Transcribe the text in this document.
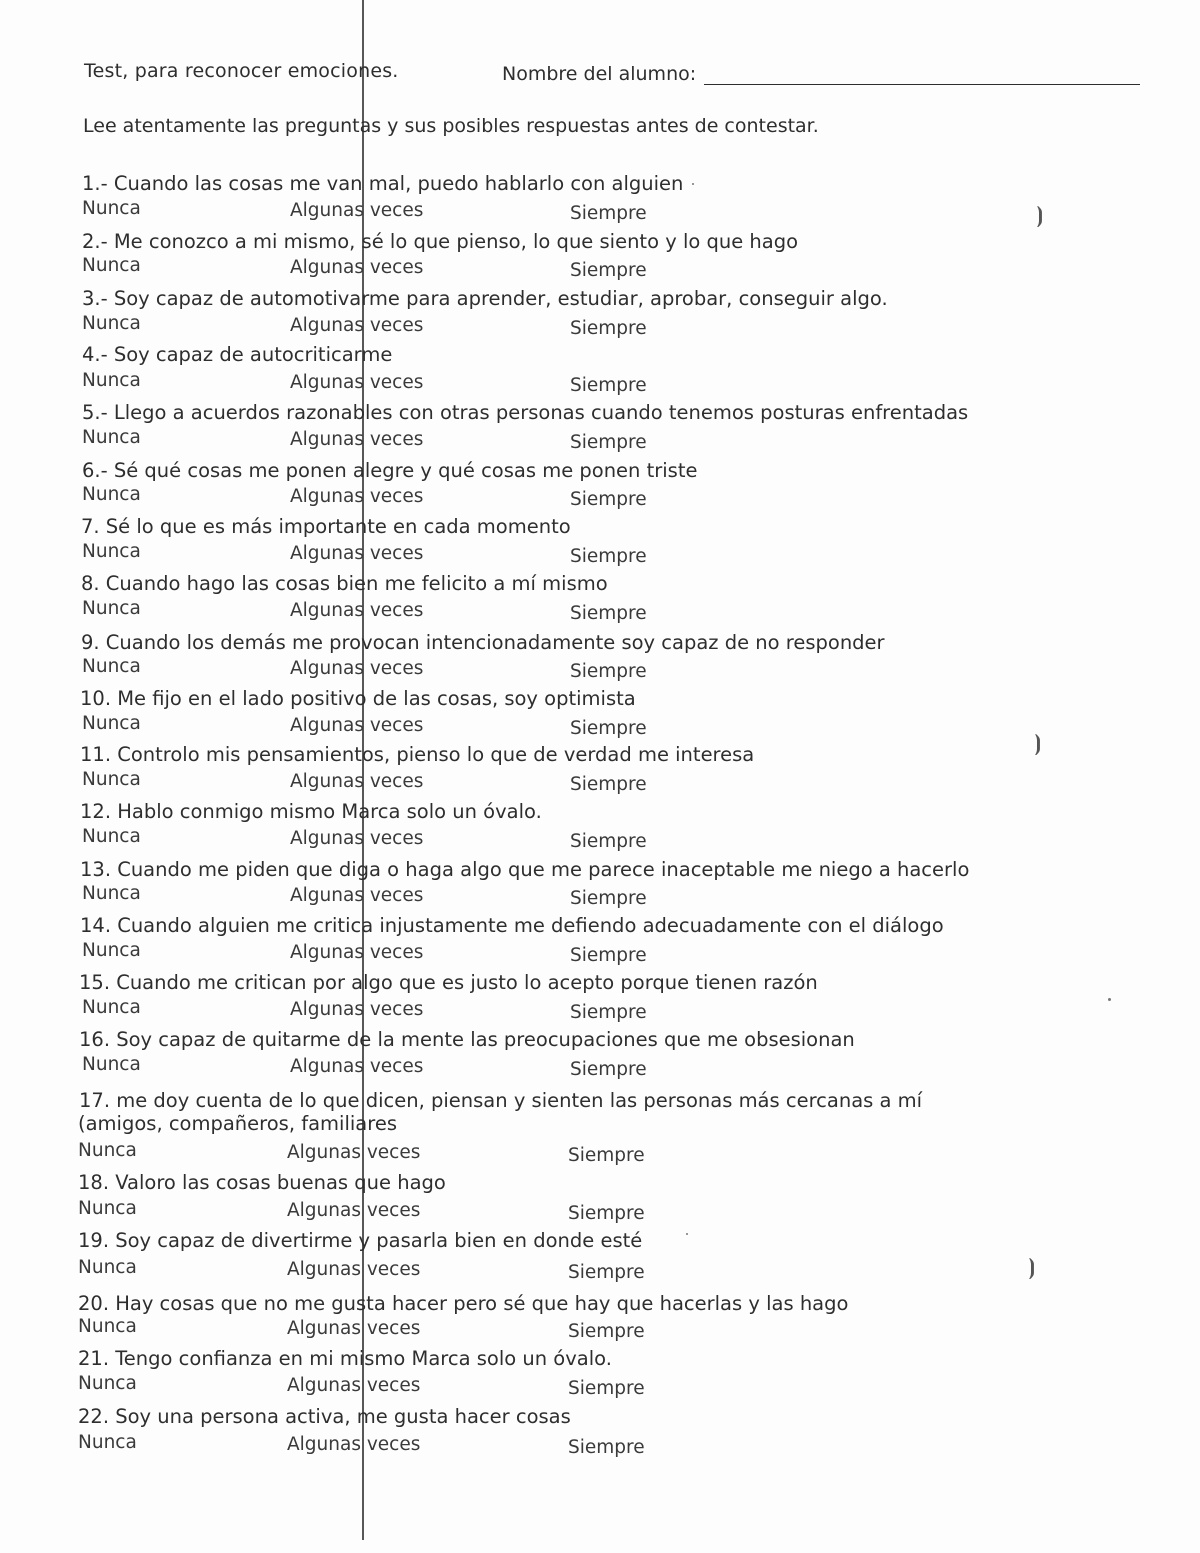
Test, para reconocer emociones.	Nombre del alumno:
Lee atentamente las preguntas y sus posibles respuestas antes de contestar.
1.- Cuando las cosas me van mal, puedo hablarlo con alguien
Nunca	Algunas veces	Siempre
2.- Me conozco a mi mismo, sé lo que pienso, lo que siento y lo que hago
Nunca	Algunas veces	Siempre
3.- Soy capaz de automotivarme para aprender, estudiar, aprobar, conseguir algo.
Nunca	Algunas veces	Siempre
4.- Soy capaz de autocriticarme
Nunca	Algunas veces	Siempre
5.- Llego a acuerdos razonables con otras personas cuando tenemos posturas enfrentadas
Nunca	Algunas veces	Siempre
6.- Sé qué cosas me ponen alegre y qué cosas me ponen triste
Nunca	Algunas veces	Siempre
7. Sé lo que es más importante en cada momento
Nunca	Algunas veces	Siempre
8. Cuando hago las cosas bien me felicito a mí mismo
Nunca	Algunas veces	Siempre
9. Cuando los demás me provocan intencionadamente soy capaz de no responder
Nunca	Algunas veces	Siempre
10. Me fijo en el lado positivo de las cosas, soy optimista
Nunca	Algunas veces	Siempre
11. Controlo mis pensamientos, pienso lo que de verdad me interesa
Nunca	Algunas veces	Siempre
12. Hablo conmigo mismo Marca solo un óvalo.
Nunca	Algunas veces	Siempre
13. Cuando me piden que diga o haga algo que me parece inaceptable me niego a hacerlo
Nunca	Algunas veces	Siempre
14. Cuando alguien me critica injustamente me defiendo adecuadamente con el diálogo
Nunca	Algunas veces	Siempre
15. Cuando me critican por algo que es justo lo acepto porque tienen razón
Nunca	Algunas veces	Siempre
16. Soy capaz de quitarme de la mente las preocupaciones que me obsesionan
Nunca	Algunas veces	Siempre
17. me doy cuenta de lo que dicen, piensan y sienten las personas más cercanas a mí
(amigos, compañeros, familiares
Nunca	Algunas veces	Siempre
18. Valoro las cosas buenas que hago
Nunca	Algunas veces	Siempre
19. Soy capaz de divertirme y pasarla bien en donde esté
Nunca	Algunas veces	Siempre
20. Hay cosas que no me gusta hacer pero sé que hay que hacerlas y las hago
Nunca	Algunas veces	Siempre
21. Tengo confianza en mi mismo Marca solo un óvalo.
Nunca	Algunas veces	Siempre
22. Soy una persona activa, me gusta hacer cosas
Nunca	Algunas veces	Siempre
⦘
⦘
⦘
